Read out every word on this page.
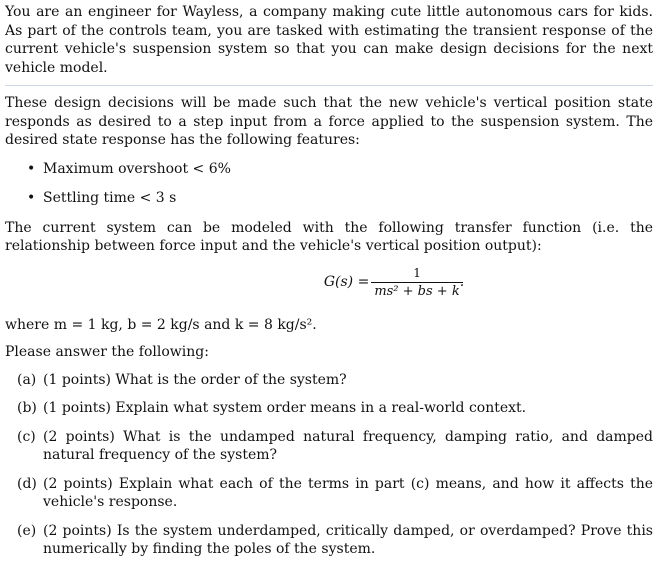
You are an engineer for Wayless, a company making cute little autonomous cars for kids. As part of the controls team, you are tasked with estimating the transient response of the current vehicle's suspension system so that you can make design decisions for the next vehicle model.

These design decisions will be made such that the new vehicle's vertical position state responds as desired to a step input from a force applied to the suspension system. The desired state response has the following features:

• Maximum overshoot < 6%
• Settling time < 3 s

The current system can be modeled with the following transfer function (i.e. the relationship between force input and the vehicle's vertical position output):

$G(s) = \frac{1}{\text{ms² + bs + k}}$ .

where m = 1 kg, b = 2 kg/s and k = 8 kg/s².

Please answer the following:

(a) (1 points) What is the order of the system?
(b) (1 points) Explain what system order means in a real-world context.
(c) (2 points) What is the undamped natural frequency, damping ratio, and damped natural frequency of the system?
(d) (2 points) Explain what each of the terms in part (c) means, and how it affects the vehicle's response.
(e) (2 points) Is the system underdamped, critically damped, or overdamped? Prove this numerically by finding the poles of the system.
